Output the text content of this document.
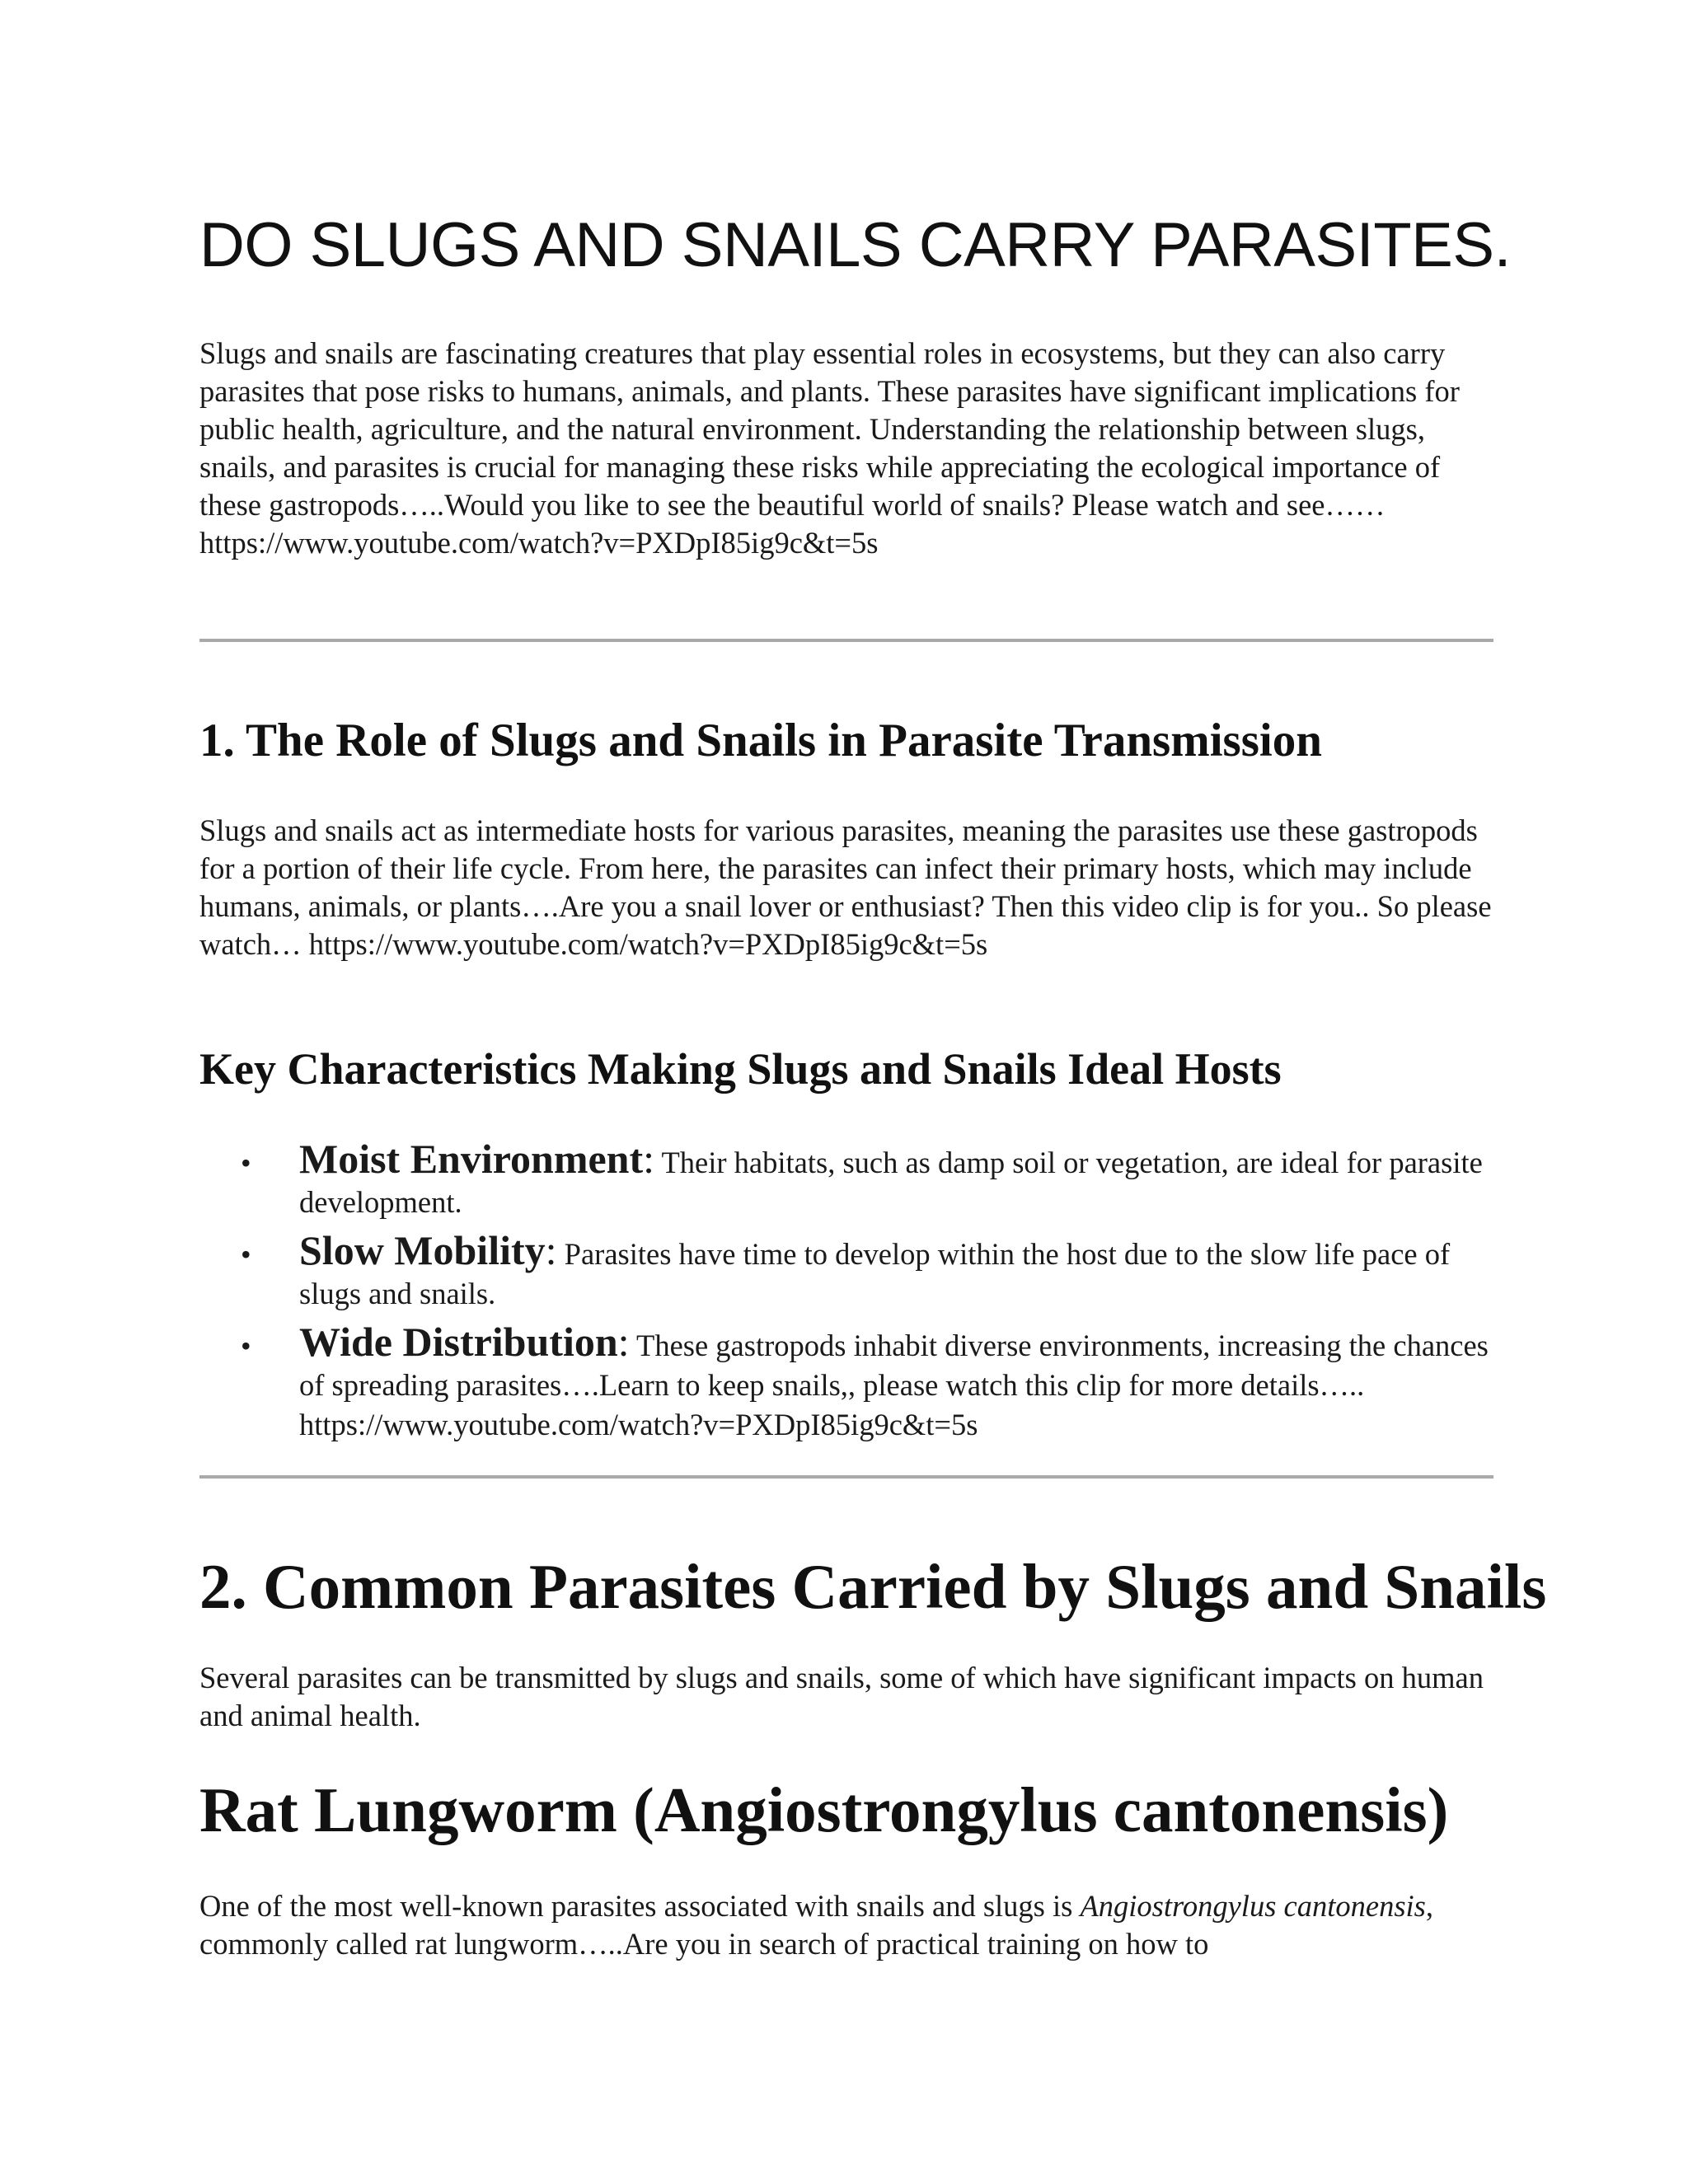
DO SLUGS AND SNAILS CARRY PARASITES.

Slugs and snails are fascinating creatures that play essential roles in ecosystems, but they can also carry parasites that pose risks to humans, animals, and plants. These parasites have significant implications for public health, agriculture, and the natural environment. Understanding the relationship between slugs, snails, and parasites is crucial for managing these risks while appreciating the ecological importance of these gastropods…..Would you like to see the beautiful world of snails? Please watch and see…… https://www.youtube.com/watch?v=PXDpI85ig9c&t=5s

1. The Role of Slugs and Snails in Parasite Transmission

Slugs and snails act as intermediate hosts for various parasites, meaning the parasites use these gastropods for a portion of their life cycle. From here, the parasites can infect their primary hosts, which may include humans, animals, or plants….Are you a snail lover or enthusiast? Then this video clip is for you.. So please watch… https://www.youtube.com/watch?v=PXDpI85ig9c&t=5s

Key Characteristics Making Slugs and Snails Ideal Hosts
• Moist Environment: Their habitats, such as damp soil or vegetation, are ideal for parasite development.
• Slow Mobility: Parasites have time to develop within the host due to the slow life pace of slugs and snails.
• Wide Distribution: These gastropods inhabit diverse environments, increasing the chances of spreading parasites….Learn to keep snails,, please watch this clip for more details….. https://www.youtube.com/watch?v=PXDpI85ig9c&t=5s
2. Common Parasites Carried by Slugs and Snails

Several parasites can be transmitted by slugs and snails, some of which have significant impacts on human and animal health.

Rat Lungworm (Angiostrongylus cantonensis)

One of the most well-known parasites associated with snails and slugs is Angiostrongylus cantonensis, commonly called rat lungworm…..Are you in search of practical training on how to
